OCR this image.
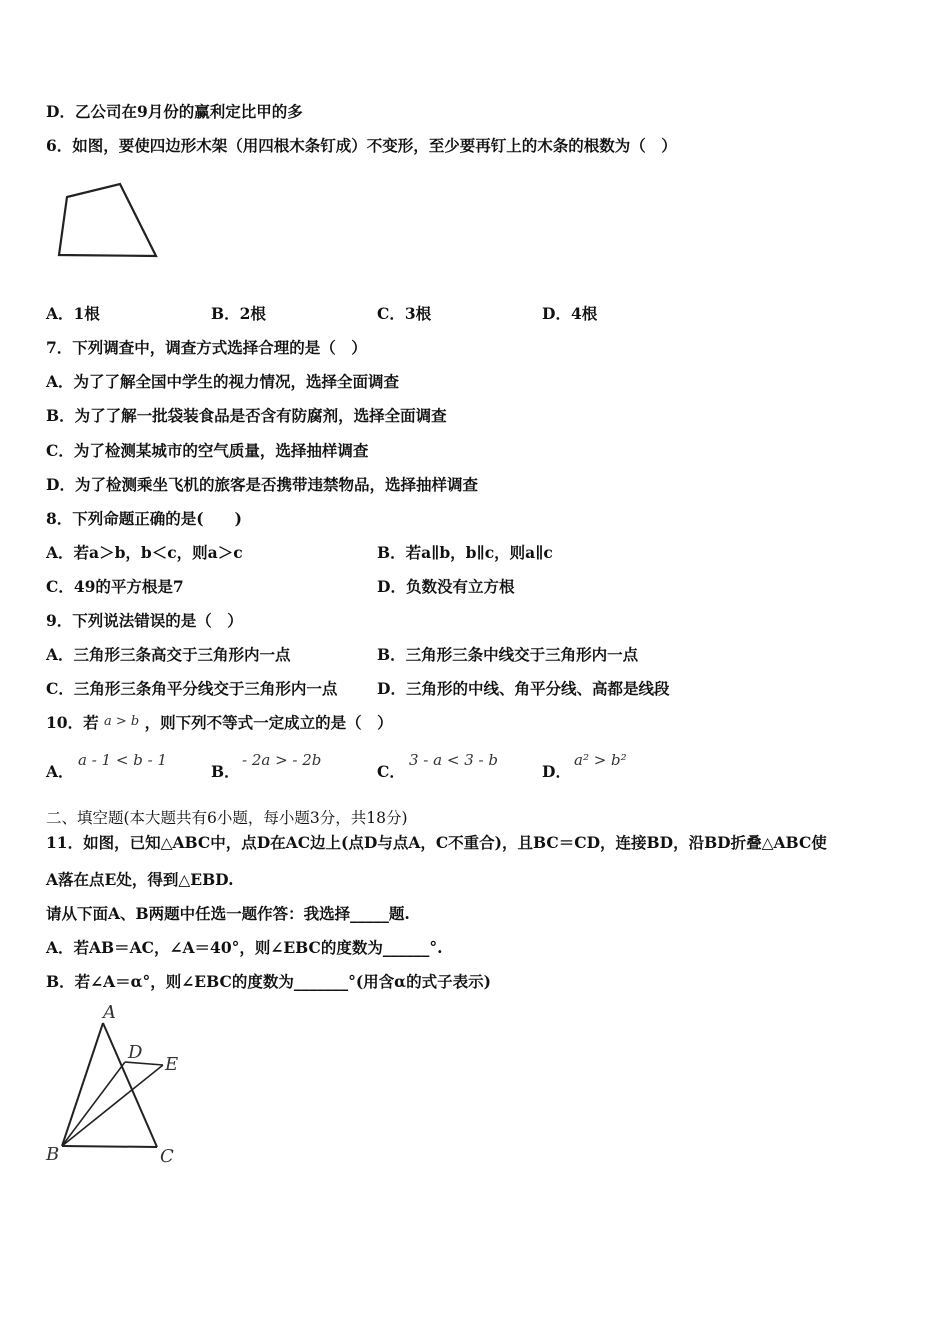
D．乙公司在9月份的赢利定比甲的多
6．如图，要使四边形木架（用四根木条钉成）不变形，至少要再钉上的木条的根数为（　）
A．1根	B．2根	C．3根	D．4根
7．下列调查中，调查方式选择合理的是（　）
A．为了了解全国中学生的视力情况，选择全面调查
B．为了了解一批袋装食品是否含有防腐剂，选择全面调查
C．为了检测某城市的空气质量，选择抽样调查
D．为了检测乘坐飞机的旅客是否携带违禁物品，选择抽样调查
8．下列命题正确的是(　　)
A．若a＞b，b＜c，则a＞c	B．若a∥b，b∥c，则a∥c
C．49的平方根是7	D．负数没有立方根
9．下列说法错误的是（　）
A．三角形三条高交于三角形内一点	B．三角形三条中线交于三角形内一点
C．三角形三条角平分线交于三角形内一点	D．三角形的中线、角平分线、高都是线段
10．若 a > b ，则下列不等式一定成立的是（　）
A．
a - 1 < b - 1
B．
- 2a > - 2b
C．
3 - a < 3 - b
D．
a² > b²
二、填空题(本大题共有6小题，每小题3分，共18分)
11．如图，已知△ABC中，点D在AC边上(点D与点A，C不重合)，且BC＝CD，连接BD，沿BD折叠△ABC使
A落在点E处，得到△EBD.
请从下面A、B两题中任选一题作答：我选择_____题.
A．若AB＝AC，∠A＝40°，则∠EBC的度数为______°.
B．若∠A＝α°，则∠EBC的度数为_______°(用含α的式子表示)
A
D
E
B	C
